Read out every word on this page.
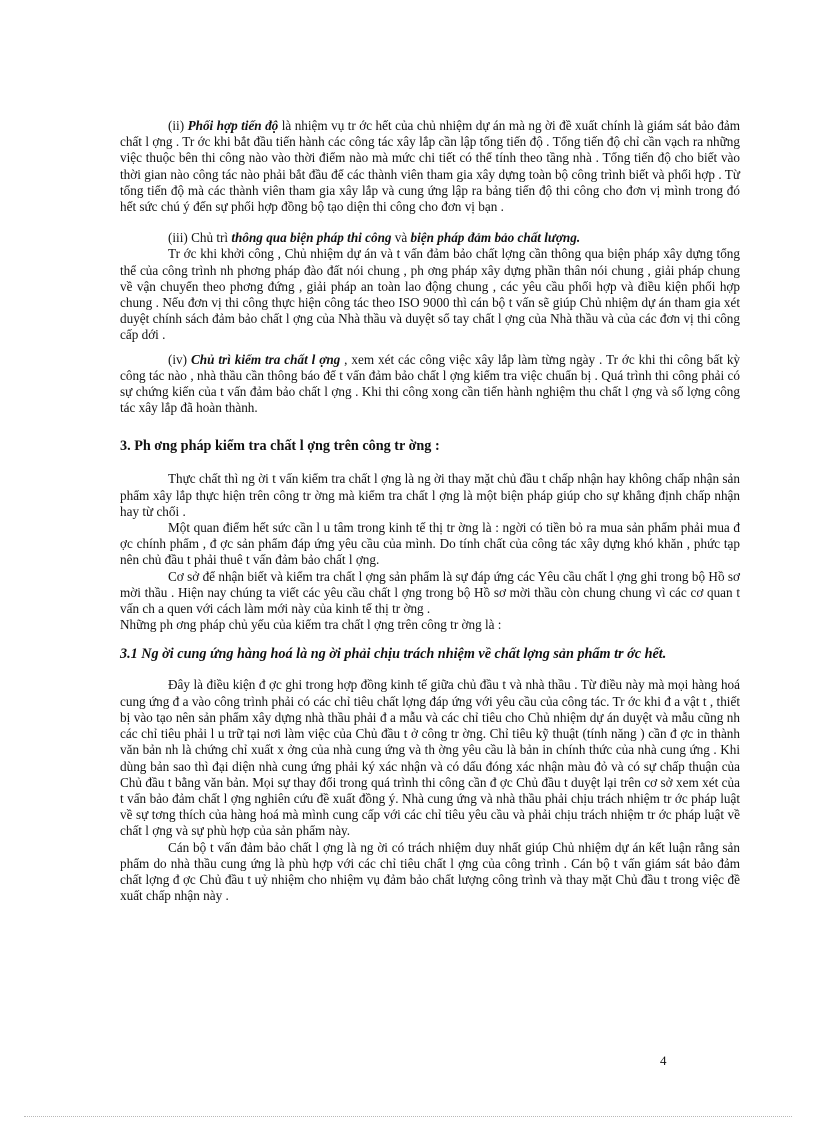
(ii) Phối hợp tiến độ là nhiệm vụ tr ớc hết của chủ nhiệm dự án mà ng ời đề xuất chính là giám sát bảo đảm chất l ợng . Tr ớc khi bắt đầu tiến hành các công tác xây lắp cần lập tổng tiến độ . Tổng tiến độ chỉ cần vạch ra những việc thuộc bên thi công nào vào thời điểm nào mà mức chi tiết có thể tính theo tầng nhà . Tổng tiến độ cho biết vào thời gian nào công tác nào phải bắt đầu để các thành viên tham gia xây dựng toàn bộ công trình biết và phối hợp . Từ tổng tiến độ mà các thành viên tham gia xây lắp và cung ứng lập ra bảng tiến độ thi công cho đơn vị mình trong đó hết sức chú ý đến sự phối hợp đồng bộ tạo diện thi công cho đơn vị bạn .

(iii) Chủ trì thông qua biện pháp thi công và biện pháp đảm bảo chất lượng.

Tr ớc khi khởi công , Chủ nhiệm dự án và t vấn đảm bảo chất lợng cần thông qua biện pháp xây dựng tổng thể của công trình nh phơng pháp đào đất nói chung , ph ơng pháp xây dựng phần thân nói chung , giải pháp chung về vận chuyển theo phơng đứng , giải pháp an toàn lao động chung , các yêu cầu phối hợp và điều kiện phối hợp chung . Nếu đơn vị thi công thực hiện công tác theo ISO 9000 thì cán bộ t vấn sẽ giúp Chủ nhiệm dự án tham gia xét duyệt chính sách đảm bảo chất l ợng của Nhà thầu và duyệt sổ tay chất l ợng của Nhà thầu và của các đơn vị thi công cấp dới .

(iv) Chủ trì kiểm tra chất l ợng , xem xét các công việc xây lắp làm từng ngày . Tr ớc khi thi công bất kỳ công tác nào , nhà thầu cần thông báo để t vấn đảm bảo chất l ợng kiểm tra việc chuẩn bị . Quá trình thi công phải có sự chứng kiến của t vấn đảm bảo chất l ợng . Khi thi công xong cần tiến hành nghiệm thu chất l ợng và số lợng công tác xây lắp đã hoàn thành.

3. Ph ơng pháp kiểm tra chất l ợng trên công tr ờng :

Thực chất thì ng ời t vấn kiểm tra chất l ợng là ng ời thay mặt chủ đầu t chấp nhận hay không chấp nhận sản phẩm xây lắp thực hiện trên công tr ờng mà kiểm tra chất l ợng là một biện pháp giúp cho sự khẳng định chấp nhận hay từ chối .

Một quan điểm hết sức cần l u tâm trong kinh tế thị tr ờng là : ngời có tiền bỏ ra mua sản phẩm phải mua đ ợc chính phẩm , đ ợc sản phẩm đáp ứng yêu cầu của mình. Do tính chất của công tác xây dựng khó khăn , phức tạp nên chủ đầu t phải thuê t vấn đảm bảo chất l ợng.

Cơ sở để nhận biết và kiểm tra chất l ợng sản phẩm là sự đáp ứng các Yêu cầu chất l ợng ghi trong bộ Hồ sơ mời thầu . Hiện nay chúng ta viết các yêu cầu chất l ợng trong bộ Hồ sơ mời thầu còn chung chung vì các cơ quan t vấn ch a quen với cách làm mới này của kinh tế thị tr ờng .

Những ph ơng pháp chủ yếu của kiểm tra chất l ợng trên công tr ờng là :

3.1 Ng ời cung ứng hàng hoá là ng ời phải chịu trách nhiệm về chất lợng sản phẩm tr ớc hết.

Đây là điều kiện đ ợc ghi trong hợp đồng kinh tế giữa chủ đầu t và nhà thầu . Từ điều này mà mọi hàng hoá cung ứng đ a vào công trình phải có các chỉ tiêu chất lợng đáp ứng với yêu cầu của công tác. Tr ớc khi đ a vật t , thiết bị vào tạo nên sản phẩm xây dựng nhà thầu phải đ a mẫu và các chỉ tiêu cho Chủ nhiệm dự án duyệt và mẫu cũng nh các chỉ tiêu phải l u trữ tại nơi làm việc của Chủ đầu t ở công tr ờng. Chỉ tiêu kỹ thuật (tính năng ) cần đ ợc in thành văn bản nh là chứng chỉ xuất x ởng của nhà cung ứng và th ờng yêu cầu là bản in chính thức của nhà cung ứng . Khi dùng bản sao thì đại diện nhà cung ứng phải ký xác nhận và có dấu đóng xác nhận màu đỏ và có sự chấp thuận của Chủ đầu t bằng văn bản. Mọi sự thay đổi trong quá trình thi công cần đ ợc Chủ đầu t duyệt lại trên cơ sở xem xét của t vấn bảo đảm chất l ợng nghiên cứu đề xuất đồng ý. Nhà cung ứng và nhà thầu phải chịu trách nhiệm tr ớc pháp luật về sự tơng thích của hàng hoá mà mình cung cấp với các chỉ tiêu yêu cầu và phải chịu trách nhiệm tr ớc pháp luật về chất l ợng và sự phù hợp của sản phẩm này.

Cán bộ t vấn đảm bảo chất l ợng là ng ời có trách nhiệm duy nhất giúp Chủ nhiệm dự án kết luận rằng sản phẩm do nhà thầu cung ứng là phù hợp với các chỉ tiêu chất l ợng của công trình . Cán bộ t vấn giám sát bảo đảm chất lợng đ ợc Chủ đầu t uỷ nhiệm cho nhiệm vụ đảm bảo chất lượng công trình và thay mặt Chủ đầu t trong việc đề xuất chấp nhận này .

4
